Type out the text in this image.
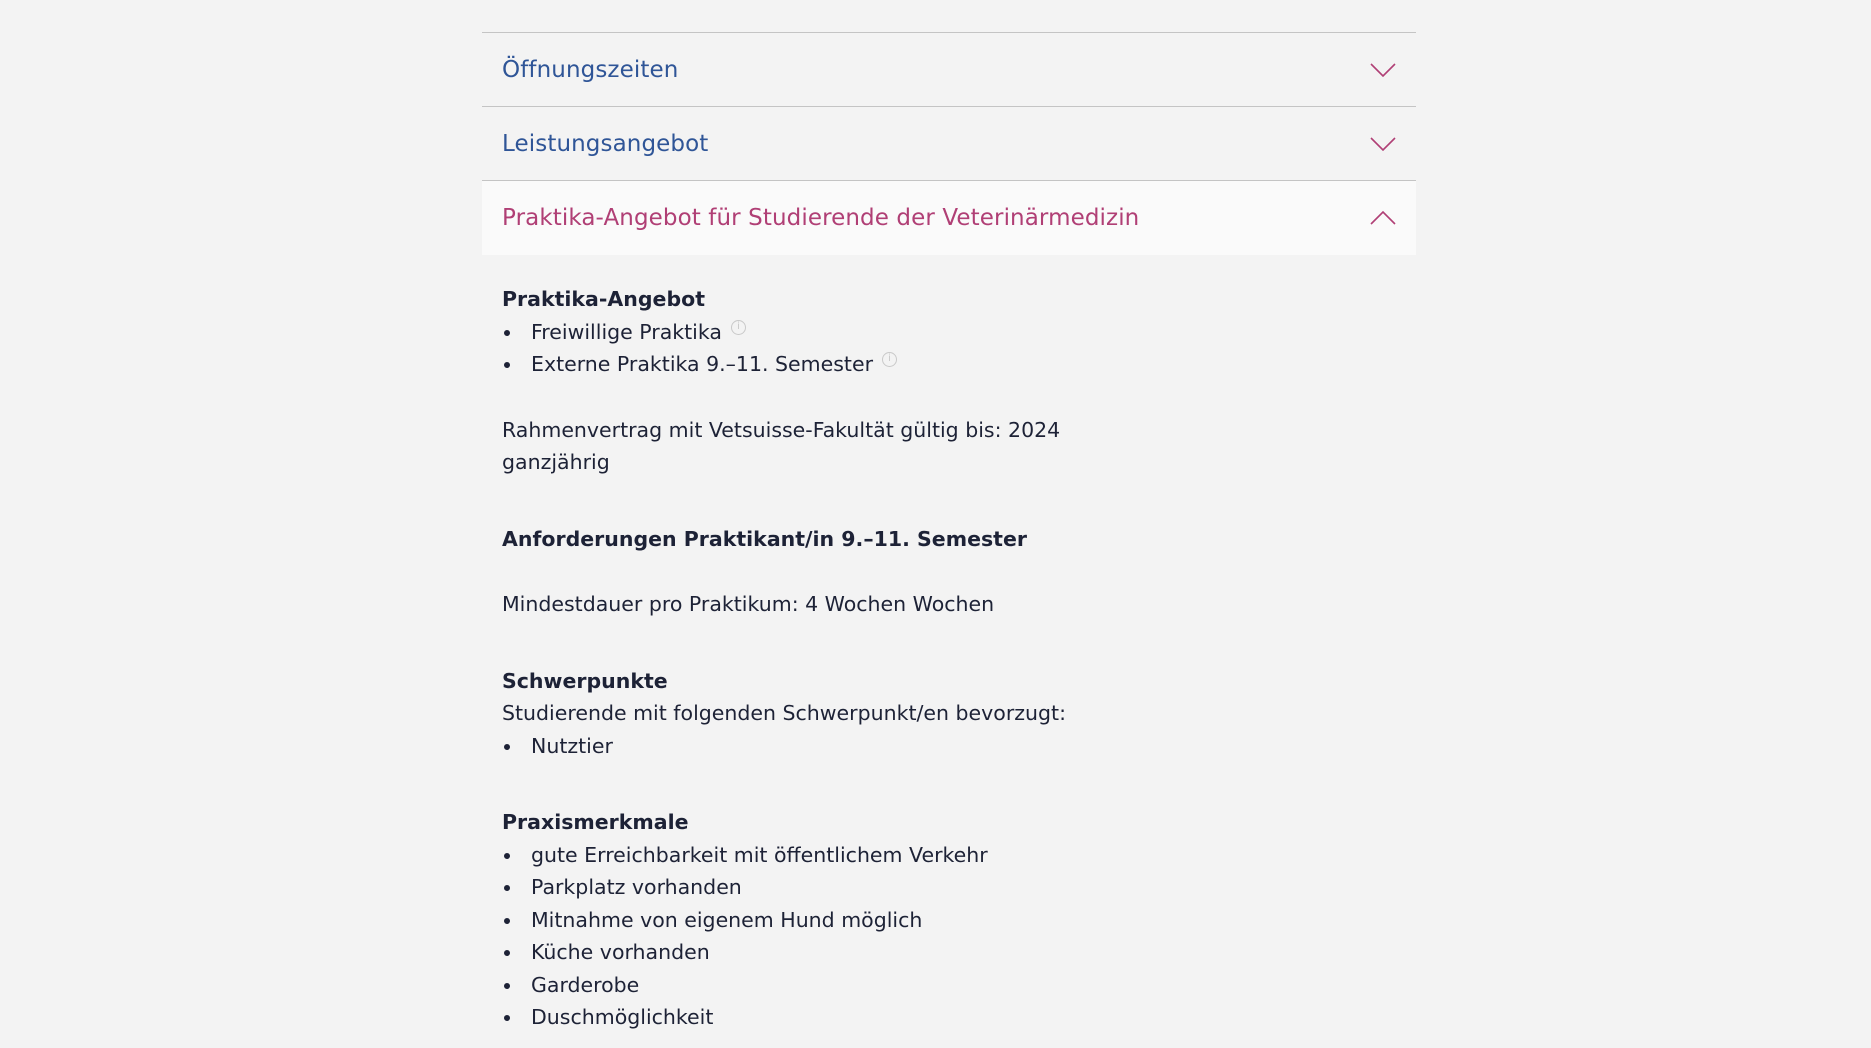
Öffnungszeiten
Leistungsangebot
Praktika-Angebot für Studierende der Veterinärmedizin
Praktika-Angebot
Freiwillige Praktikai
Externe Praktika 9.–11. Semesteri
Rahmenvertrag mit Vetsuisse-Fakultät gültig bis: 2024
ganzjährig
Anforderungen Praktikant/in 9.–11. Semester
Mindestdauer pro Praktikum: 4 Wochen Wochen
Schwerpunkte
Studierende mit folgenden Schwerpunkt/en bevorzugt:
Nutztier
Praxismerkmale
gute Erreichbarkeit mit öffentlichem Verkehr
Parkplatz vorhanden
Mitnahme von eigenem Hund möglich
Küche vorhanden
Garderobe
Duschmöglichkeit
